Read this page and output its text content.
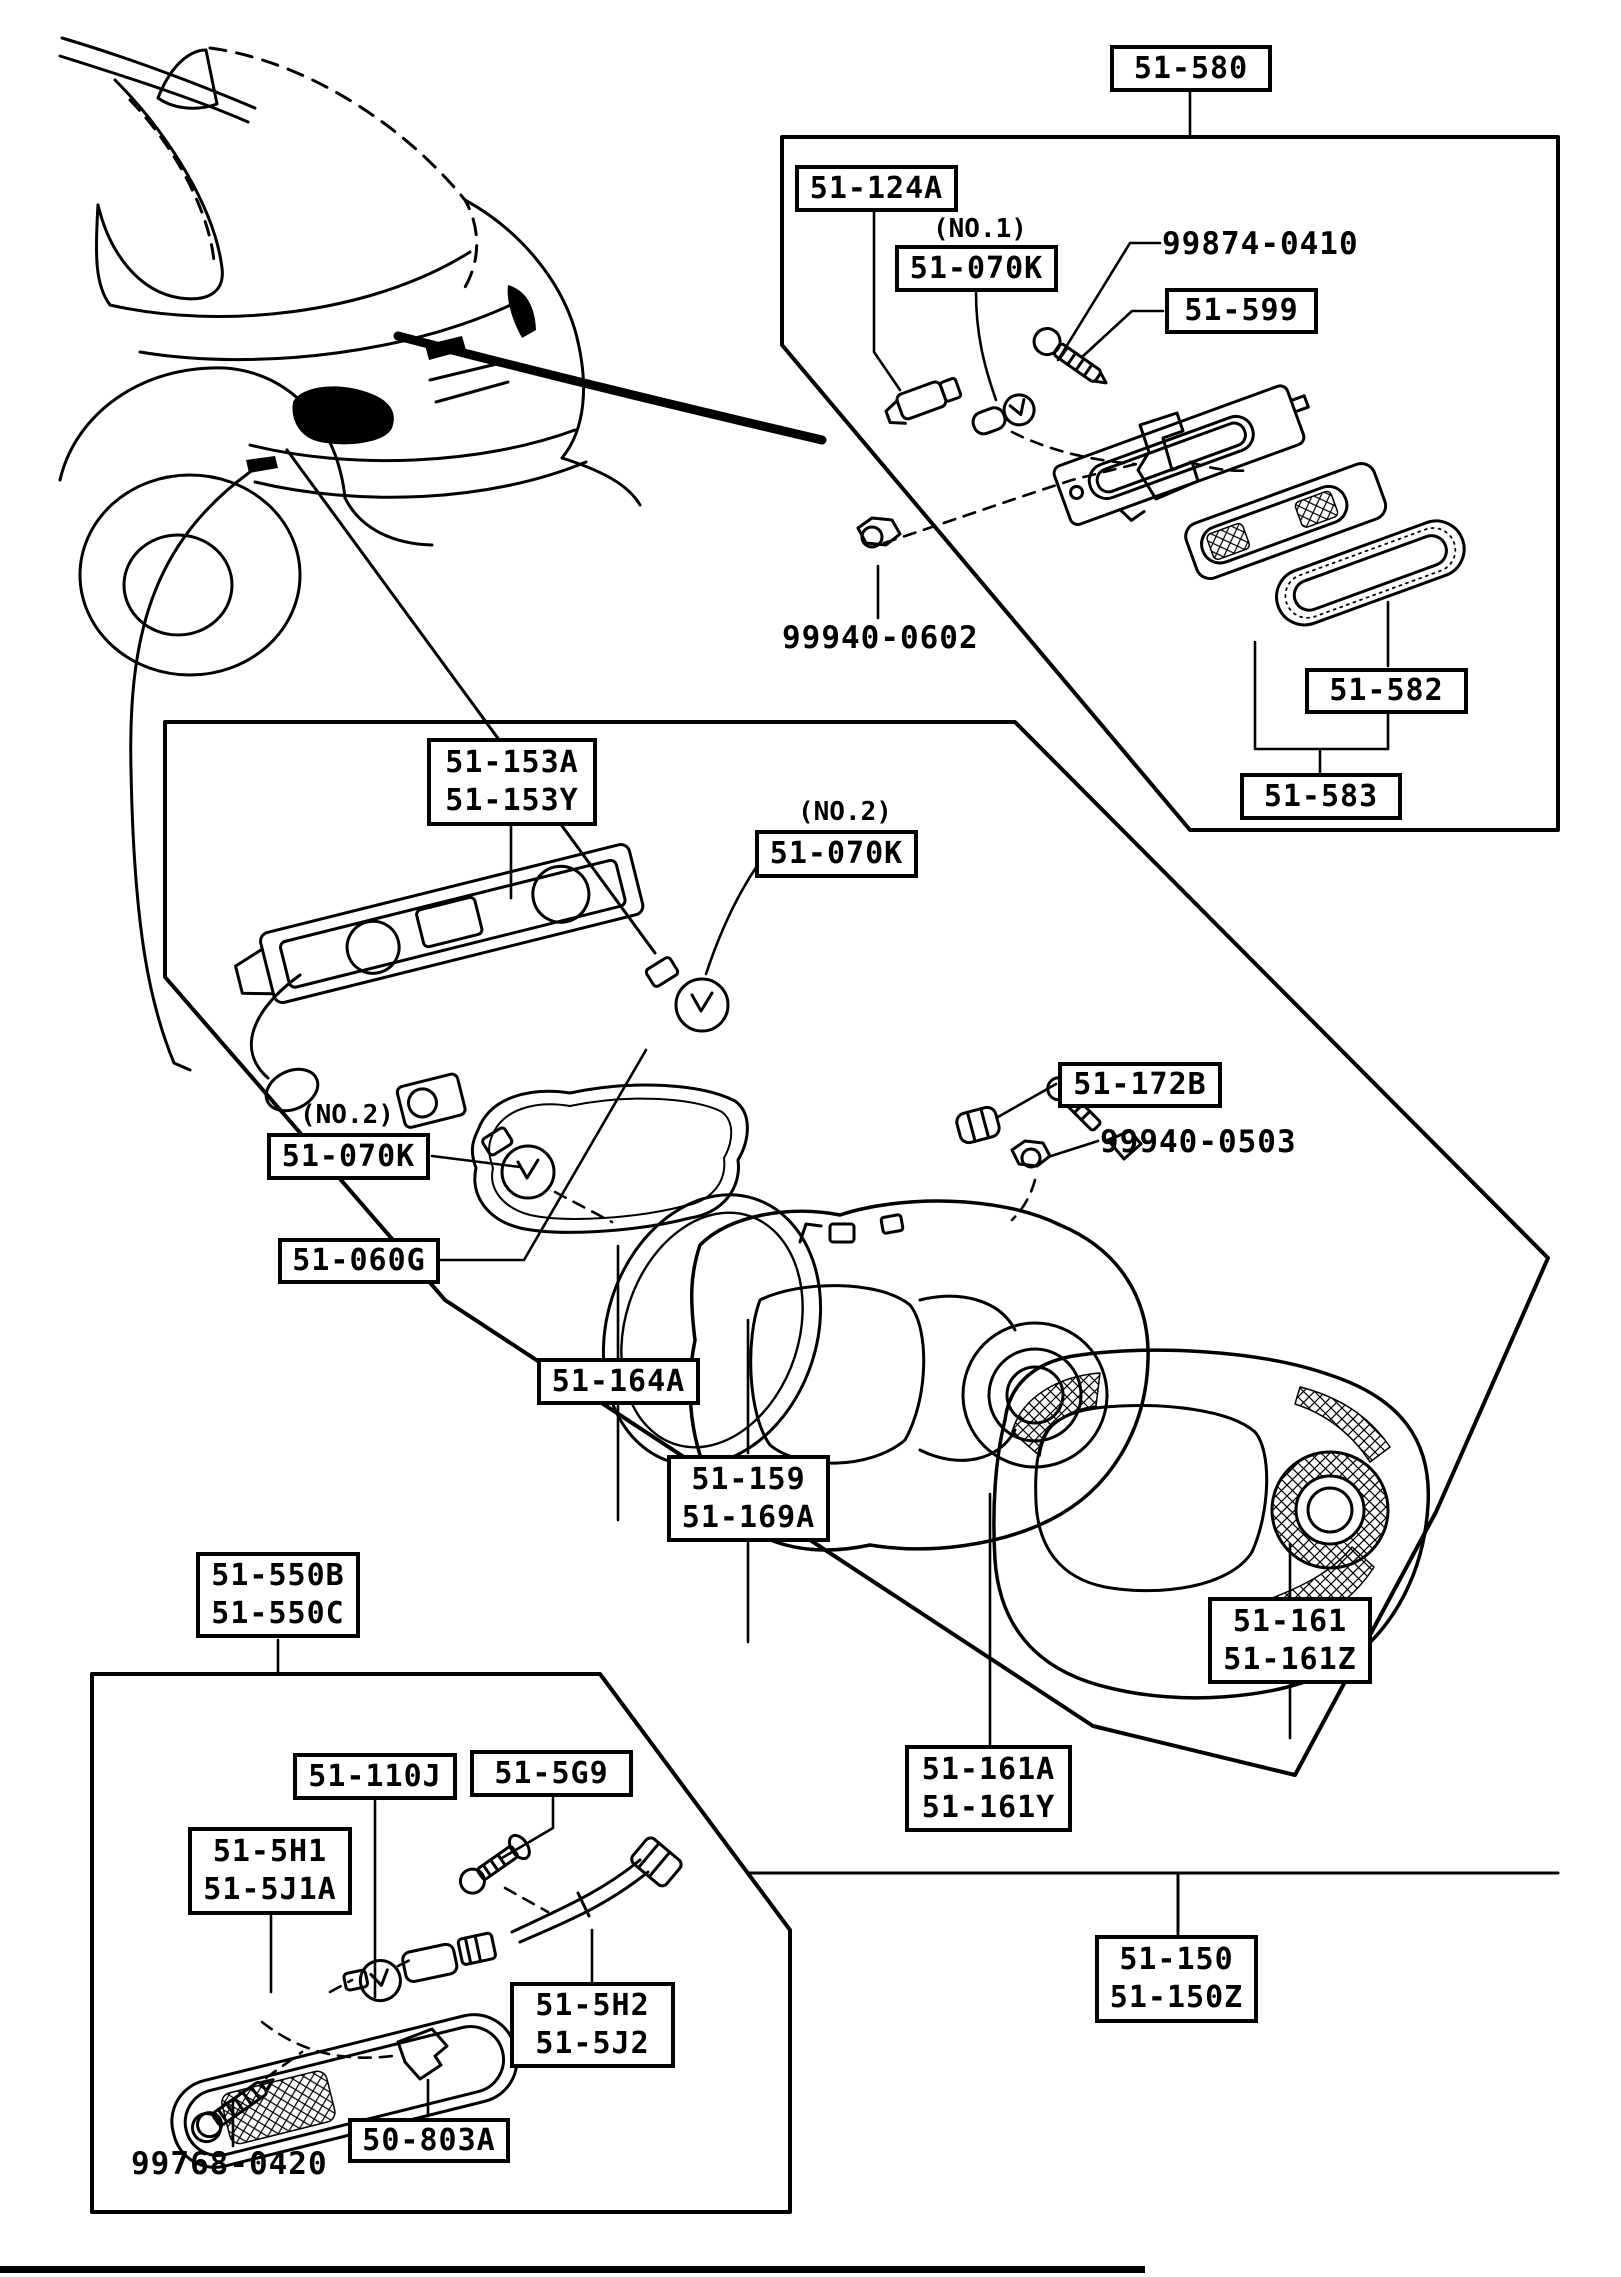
51-580
51-124A
(NO.1)
51-070K
99874-0410
51-599
99940-0602
51-582
51-583
51-153A
51-153Y	(NO.2)
51-070K
(NO.2)
51-070K
51-060G
51-164A
51-172B
99940-0503
51-159
51-169A
51-161
51-161Z
51-161A
51-161Y
51-150
51-150Z
51-550B
51-550C
51-110J 51-5G9
51-5H1
51-5J1A
51-5H2
51-5J2
50-803A
99768-0420
